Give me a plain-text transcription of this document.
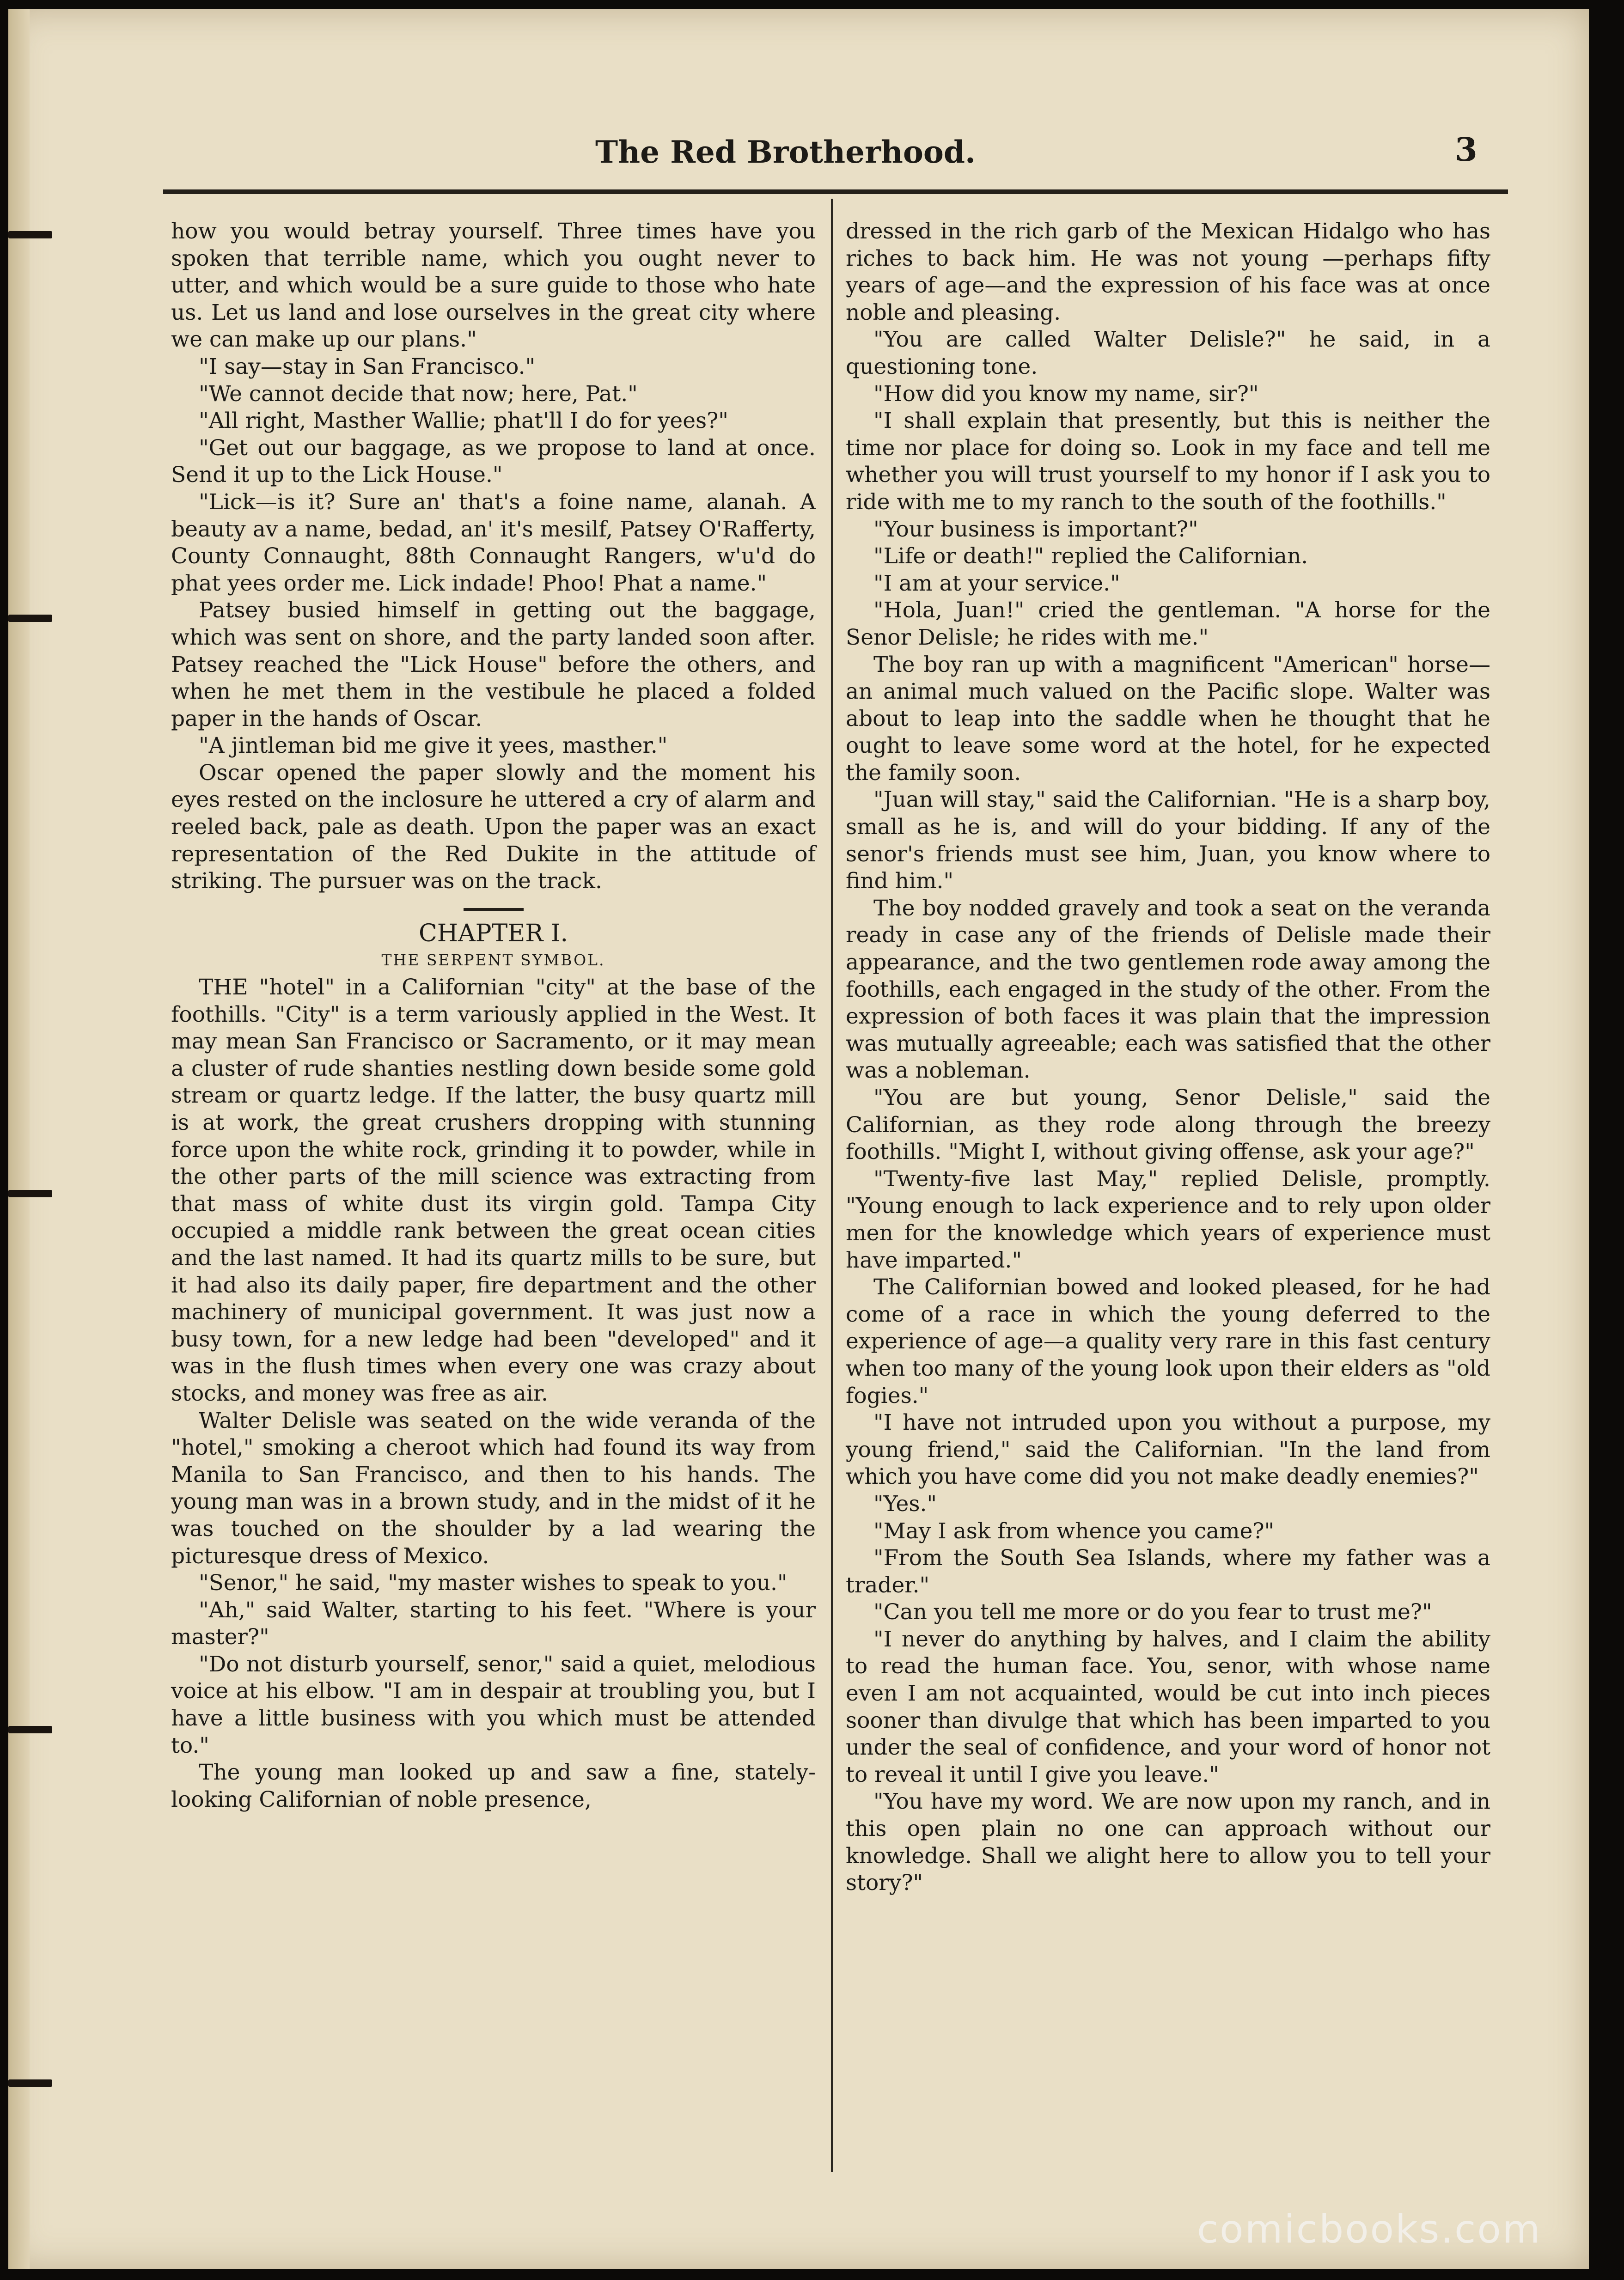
The Red Brotherhood.	3

how you would betray yourself. Three times have you spoken that terrible name, which you ought never to utter, and which would be a sure guide to those who hate us. Let us land and lose ourselves in the great city where we can make up our plans."

"I say—stay in San Francisco."

"We cannot decide that now; here, Pat."

"All right, Masther Wallie; phat'll I do for yees?"

"Get out our baggage, as we propose to land at once. Send it up to the Lick House."

"Lick—is it? Sure an' that's a foine name, alanah. A beauty av a name, bedad, an' it's mesilf, Patsey O'Rafferty, County Connaught, 88th Connaught Rangers, w'u'd do phat yees order me. Lick indade! Phoo! Phat a name."

Patsey busied himself in getting out the baggage, which was sent on shore, and the party landed soon after. Patsey reached the "Lick House" before the others, and when he met them in the vestibule he placed a folded paper in the hands of Oscar.

"A jintleman bid me give it yees, masther."

Oscar opened the paper slowly and the moment his eyes rested on the inclosure he uttered a cry of alarm and reeled back, pale as death. Upon the paper was an exact representation of the Red Dukite in the attitude of striking. The pursuer was on the track.

CHAPTER I.

THE SERPENT SYMBOL.

THE "hotel" in a Californian "city" at the base of the foothills. "City" is a term variously applied in the West. It may mean San Francisco or Sacramento, or it may mean a cluster of rude shanties nestling down beside some gold stream or quartz ledge. If the latter, the busy quartz mill is at work, the great crushers dropping with stunning force upon the white rock, grinding it to powder, while in the other parts of the mill science was extracting from that mass of white dust its virgin gold. Tampa City occupied a middle rank between the great ocean cities and the last named. It had its quartz mills to be sure, but it had also its daily paper, fire department and the other machinery of municipal government. It was just now a busy town, for a new ledge had been "developed" and it was in the flush times when every one was crazy about stocks, and money was free as air.

Walter Delisle was seated on the wide veranda of the "hotel," smoking a cheroot which had found its way from Manila to San Francisco, and then to his hands. The young man was in a brown study, and in the midst of it he was touched on the shoulder by a lad wearing the picturesque dress of Mexico.

"Senor," he said, "my master wishes to speak to you."

"Ah," said Walter, starting to his feet. "Where is your master?"

"Do not disturb yourself, senor," said a quiet, melodious voice at his elbow. "I am in despair at troubling you, but I have a little business with you which must be attended to."

The young man looked up and saw a fine, stately-looking Californian of noble presence,

dressed in the rich garb of the Mexican Hidalgo who has riches to back him. He was not young —perhaps fifty years of age—and the expression of his face was at once noble and pleasing.

"You are called Walter Delisle?" he said, in a questioning tone.

"How did you know my name, sir?"

"I shall explain that presently, but this is neither the time nor place for doing so. Look in my face and tell me whether you will trust yourself to my honor if I ask you to ride with me to my ranch to the south of the foothills."

"Your business is important?"

"Life or death!" replied the Californian.

"I am at your service."

"Hola, Juan!" cried the gentleman. "A horse for the Senor Delisle; he rides with me."

The boy ran up with a magnificent "American" horse—an animal much valued on the Pacific slope. Walter was about to leap into the saddle when he thought that he ought to leave some word at the hotel, for he expected the family soon.

"Juan will stay," said the Californian. "He is a sharp boy, small as he is, and will do your bidding. If any of the senor's friends must see him, Juan, you know where to find him."

The boy nodded gravely and took a seat on the veranda ready in case any of the friends of Delisle made their appearance, and the two gentlemen rode away among the foothills, each engaged in the study of the other. From the expression of both faces it was plain that the impression was mutually agreeable; each was satisfied that the other was a nobleman.

"You are but young, Senor Delisle," said the Californian, as they rode along through the breezy foothills. "Might I, without giving offense, ask your age?"

"Twenty-five last May," replied Delisle, promptly. "Young enough to lack experience and to rely upon older men for the knowledge which years of experience must have imparted."

The Californian bowed and looked pleased, for he had come of a race in which the young deferred to the experience of age—a quality very rare in this fast century when too many of the young look upon their elders as "old fogies."

"I have not intruded upon you without a purpose, my young friend," said the Californian. "In the land from which you have come did you not make deadly enemies?"

"Yes."

"May I ask from whence you came?"

"From the South Sea Islands, where my father was a trader."

"Can you tell me more or do you fear to trust me?"

"I never do anything by halves, and I claim the ability to read the human face. You, senor, with whose name even I am not acquainted, would be cut into inch pieces sooner than divulge that which has been imparted to you under the seal of confidence, and your word of honor not to reveal it until I give you leave."

"You have my word. We are now upon my ranch, and in this open plain no one can approach without our knowledge. Shall we alight here to allow you to tell your story?"

comicbooks.com
